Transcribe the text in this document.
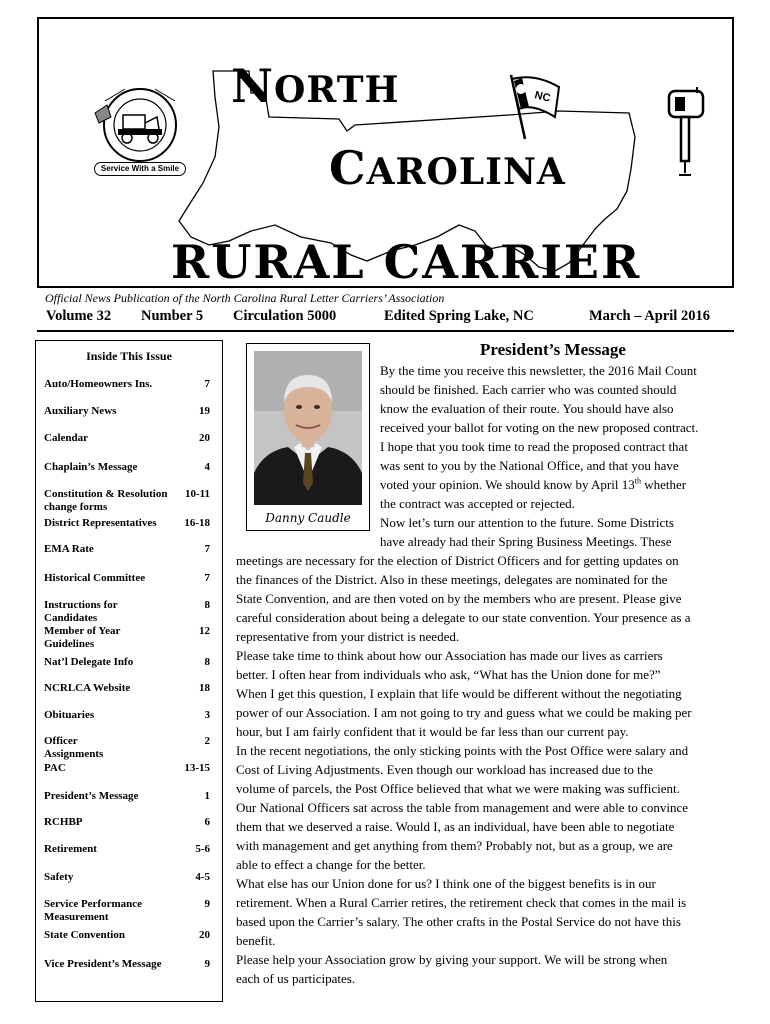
NORTH
CAROLINA
RURAL CARRIER
Service With a Smile
NC
Official News Publication of the North Carolina Rural Letter Carriers’ Association
Volume 32 Number 5 Circulation 5000	Edited Spring Lake, NC	March – April 2016
Inside This Issue
Auto/Homeowners Ins.	7
Auxiliary News	19
Calendar	20
Chaplain’s Message	4
Constitution & Resolution change forms
10-11
District Representatives	16-18
EMA Rate	7
Historical Committee	7
Instructions for Candidates
8
Member of Year Guidelines
12
Nat’l Delegate Info	8
NCRLCA Website	18
Obituaries	3
Officer Assignments
2
PAC	13-15
President’s Message	1
RCHBP	6
Retirement	5-6
Safety	4-5
Service Performance Measurement
9
State Convention	20
Vice President’s Message	9
President’s Message
Danny Caudle
By the time you receive this newsletter, the 2016 Mail Count
should be finished. Each carrier who was counted should
know the evaluation of their route. You should have also
received your ballot for voting on the new proposed contract.
I hope that you took time to read the proposed contract that
was sent to you by the National Office, and that you have
voted your opinion. We should know by April 13th whether
the contract was accepted or rejected.
Now let’s turn our attention to the future. Some Districts
have already had their Spring Business Meetings. These
meetings are necessary for the election of District Officers and for getting updates on
the finances of the District. Also in these meetings, delegates are nominated for the
State Convention, and are then voted on by the members who are present. Please give
careful consideration about being a delegate to our state convention. Your presence as a
representative from your district is needed.
Please take time to think about how our Association has made our lives as carriers
better. I often hear from individuals who ask, “What has the Union done for me?”
When I get this question, I explain that life would be different without the negotiating
power of our Association. I am not going to try and guess what we could be making per
hour, but I am fairly confident that it would be far less than our current pay.
In the recent negotiations, the only sticking points with the Post Office were salary and
Cost of Living Adjustments. Even though our workload has increased due to the
volume of parcels, the Post Office believed that what we were making was sufficient.
Our National Officers sat across the table from management and were able to convince
them that we deserved a raise. Would I, as an individual, have been able to negotiate
with management and get anything from them? Probably not, but as a group, we are
able to effect a change for the better.
What else has our Union done for us? I think one of the biggest benefits is in our
retirement. When a Rural Carrier retires, the retirement check that comes in the mail is
based upon the Carrier’s salary. The other crafts in the Postal Service do not have this
benefit.
Please help your Association grow by giving your support. We will be strong when
each of us participates.
